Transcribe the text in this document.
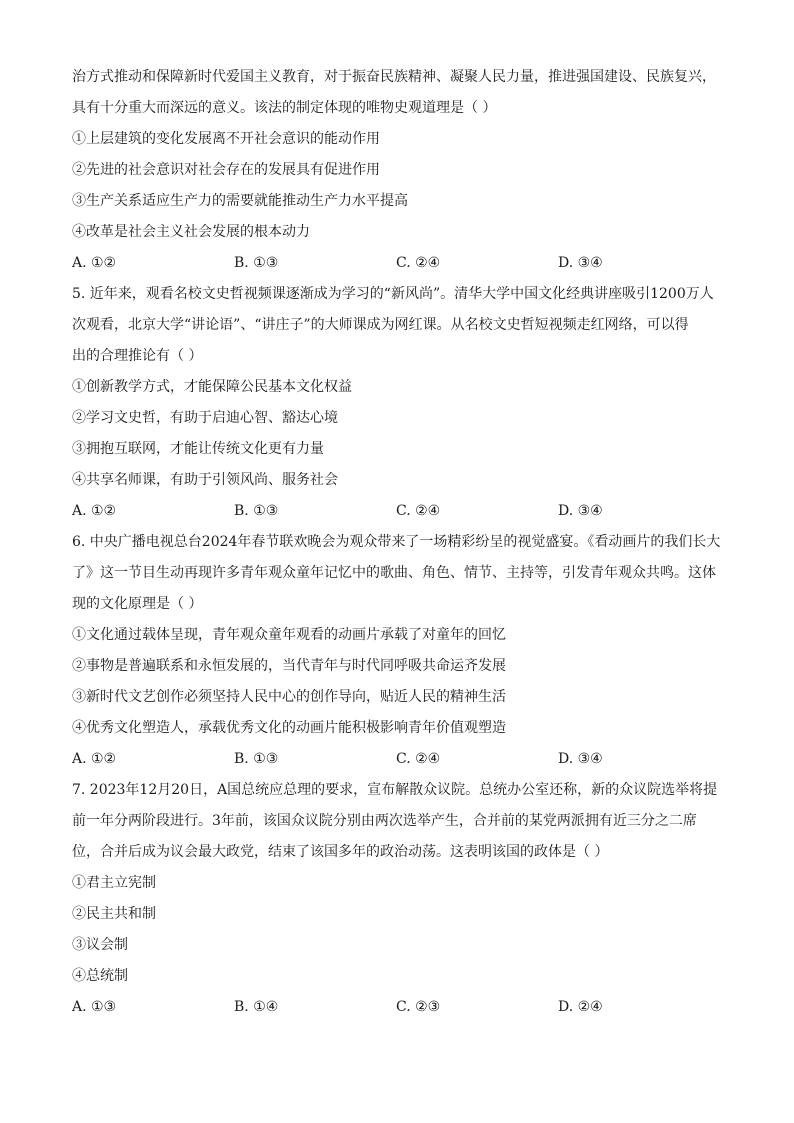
治方式推动和保障新时代爱国主义教育，对于振奋民族精神、凝聚人民力量，推进强国建设、民族复兴，
具有十分重大而深远的意义。该法的制定体现的唯物史观道理是（ ）
①上层建筑的变化发展离不开社会意识的能动作用
②先进的社会意识对社会存在的发展具有促进作用
③生产关系适应生产力的需要就能推动生产力水平提高
④改革是社会主义社会发展的根本动力
A. ①②	B. ①③	C. ②④	D. ③④
5. 近年来，观看名校文史哲视频课逐渐成为学习的“新风尚”。清华大学中国文化经典讲座吸引1200万人
次观看，北京大学“讲论语”、“讲庄子”的大师课成为网红课。从名校文史哲短视频走红网络，可以得
出的合理推论有（ ）
①创新教学方式，才能保障公民基本文化权益
②学习文史哲，有助于启迪心智、豁达心境
③拥抱互联网，才能让传统文化更有力量
④共享名师课，有助于引领风尚、服务社会
A. ①②	B. ①③	C. ②④	D. ③④
6. 中央广播电视总台2024年春节联欢晚会为观众带来了一场精彩纷呈的视觉盛宴。《看动画片的我们长大
了》这一节目生动再现许多青年观众童年记忆中的歌曲、角色、情节、主持等，引发青年观众共鸣。这体
现的文化原理是（ ）
①文化通过载体呈现，青年观众童年观看的动画片承载了对童年的回忆
②事物是普遍联系和永恒发展的，当代青年与时代同呼吸共命运齐发展
③新时代文艺创作必须坚持人民中心的创作导向，贴近人民的精神生活
④优秀文化塑造人，承载优秀文化的动画片能积极影响青年价值观塑造
A. ①②	B. ①③	C. ②④	D. ③④
7. 2023年12月20日，A国总统应总理的要求，宣布解散众议院。总统办公室还称，新的众议院选举将提
前一年分两阶段进行。3年前，该国众议院分别由两次选举产生，合并前的某党两派拥有近三分之二席
位，合并后成为议会最大政党，结束了该国多年的政治动荡。这表明该国的政体是（ ）
①君主立宪制
②民主共和制
③议会制
④总统制
A. ①③	B. ①④	C. ②③	D. ②④
